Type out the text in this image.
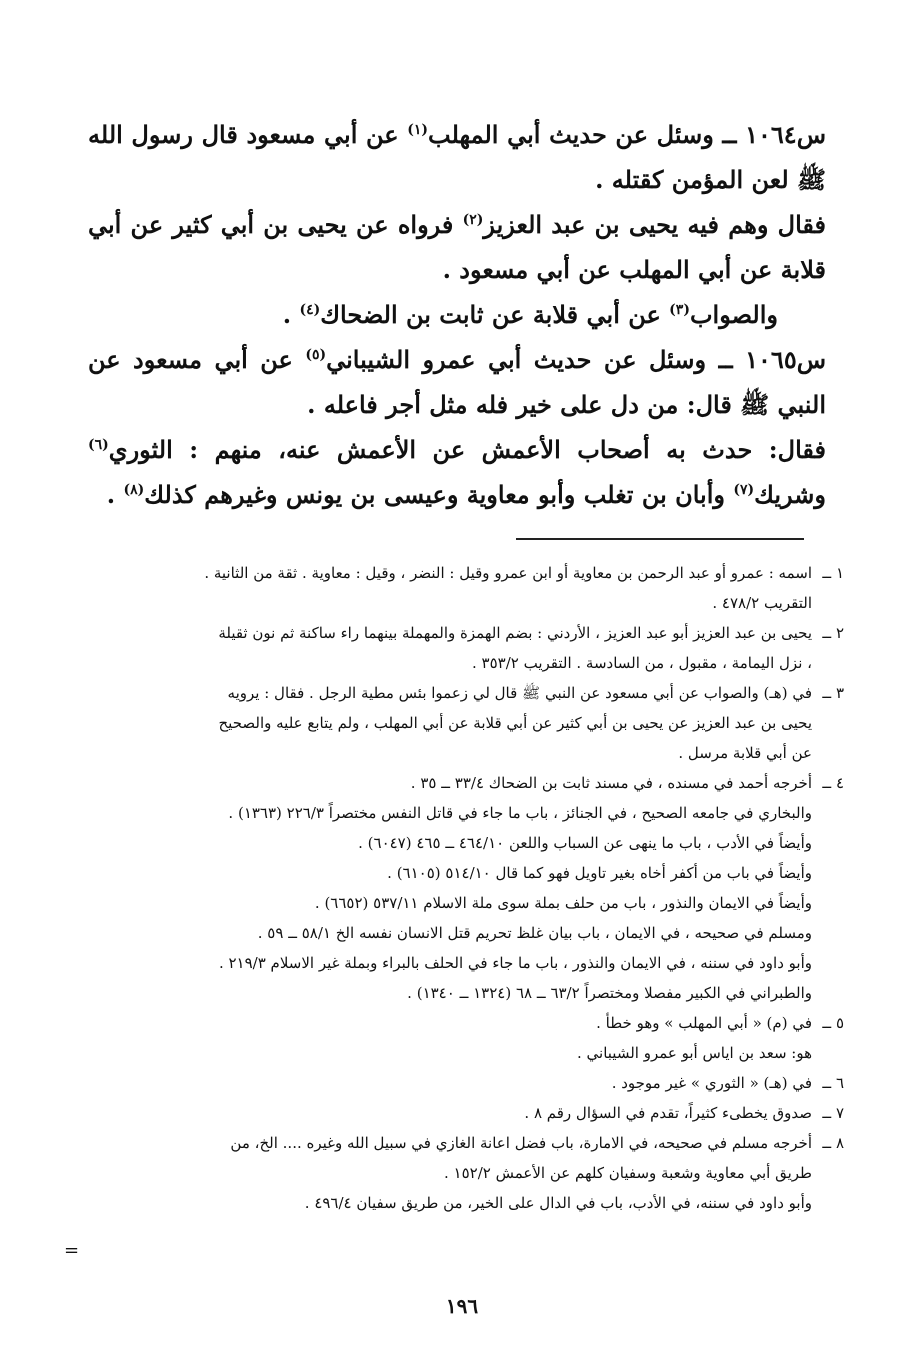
س١٠٦٤ ــ وسئل عن حديث أبي المهلب$^{(١)}$ عن أبي مسعود قال رسول الله ﷺ لعن المؤمن كقتله .

فقال وهم فيه يحيى بن عبد العزيز$^{(٢)}$ فرواه عن يحيى بن أبي كثير عن أبي قلابة عن أبي المهلب عن أبي مسعود .

والصواب$^{(٣)}$ عن أبي قلابة عن ثابت بن الضحاك$^{(٤)}$ .

س١٠٦٥ ــ وسئل عن حديث أبي عمرو الشيباني$^{(٥)}$ عن أبي مسعود عن النبي ﷺ قال: من دل على خير فله مثل أجر فاعله .

فقال: حدث به أصحاب الأعمش عن الأعمش عنه، منهم : الثوري$^{(٦)}$ وشريك$^{(٧)}$ وأبان بن تغلب وأبو معاوية وعيسى بن يونس وغيرهم كذلك$^{(٨)}$ .

١ ــ
اسمه : عمرو أو عبد الرحمن بن معاوية أو ابن عمرو وقيل : النضر ، وقيل : معاوية . ثقة من الثانية .
التقريب ٤٧٨/٢ .
٢ ــ
يحيى بن عبد العزيز أبو عبد العزيز ، الأردني : بضم الهمزة والمهملة بينهما راء ساكنة ثم نون ثقيلة
، نزل اليمامة ، مقبول ، من السادسة . التقريب ٣٥٣/٢ .
٣ ــ
في (هـ) والصواب عن أبي مسعود عن النبي ﷺ قال لي زعموا بئس مطية الرجل . فقال : يرويه
يحيى بن عبد العزيز عن يحيى بن أبي كثير عن أبي قلابة عن أبي المهلب ، ولم يتابع عليه والصحيح
عن أبي قلابة مرسل .
٤ ــ
أخرجه أحمد في مسنده ، في مسند ثابت بن الضحاك ٣٣/٤ ــ ٣٥ .
والبخاري في جامعه الصحيح ، في الجنائز ، باب ما جاء في قاتل النفس مختصراً ٢٢٦/٣ (١٣٦٣) .
وأيضاً في الأدب ، باب ما ينهى عن السباب واللعن ٤٦٤/١٠ ــ ٤٦٥ (٦٠٤٧) .
وأيضاً في باب من أكفر أخاه بغير تاويل فهو كما قال ٥١٤/١٠ (٦١٠٥) .
وأيضاً في الايمان والنذور ، باب من حلف بملة سوى ملة الاسلام ٥٣٧/١١ (٦٦٥٢) .
ومسلم في صحيحه ، في الايمان ، باب بيان غلظ تحريم قتل الانسان نفسه الخ ٥٨/١ ــ ٥٩ .
وأبو داود في سننه ، في الايمان والنذور ، باب ما جاء في الحلف بالبراء وبملة غير الاسلام ٢١٩/٣ .
والطبراني في الكبير مفصلا ومختصراً ٦٣/٢ ــ ٦٨ (١٣٢٤ ــ ١٣٤٠) .
٥ ــ
في (م) « أبي المهلب » وهو خطأ .
هو: سعد بن اياس أبو عمرو الشيباني .
٦ ــ
في (هـ) « الثوري » غير موجود .
٧ ــ
صدوق يخطىء كثيراً، تقدم في السؤال رقم ٨ .
٨ ــ
أخرجه مسلم في صحيحه، في الامارة، باب فضل اعانة الغازي في سبيل الله وغيره .... الخ، من
طريق أبي معاوية وشعبة وسفيان كلهم عن الأعمش ١٥٢/٢ .
وأبو داود في سننه، في الأدب، باب في الدال على الخير، من طريق سفيان ٤٩٦/٤ .
=
١٩٦
